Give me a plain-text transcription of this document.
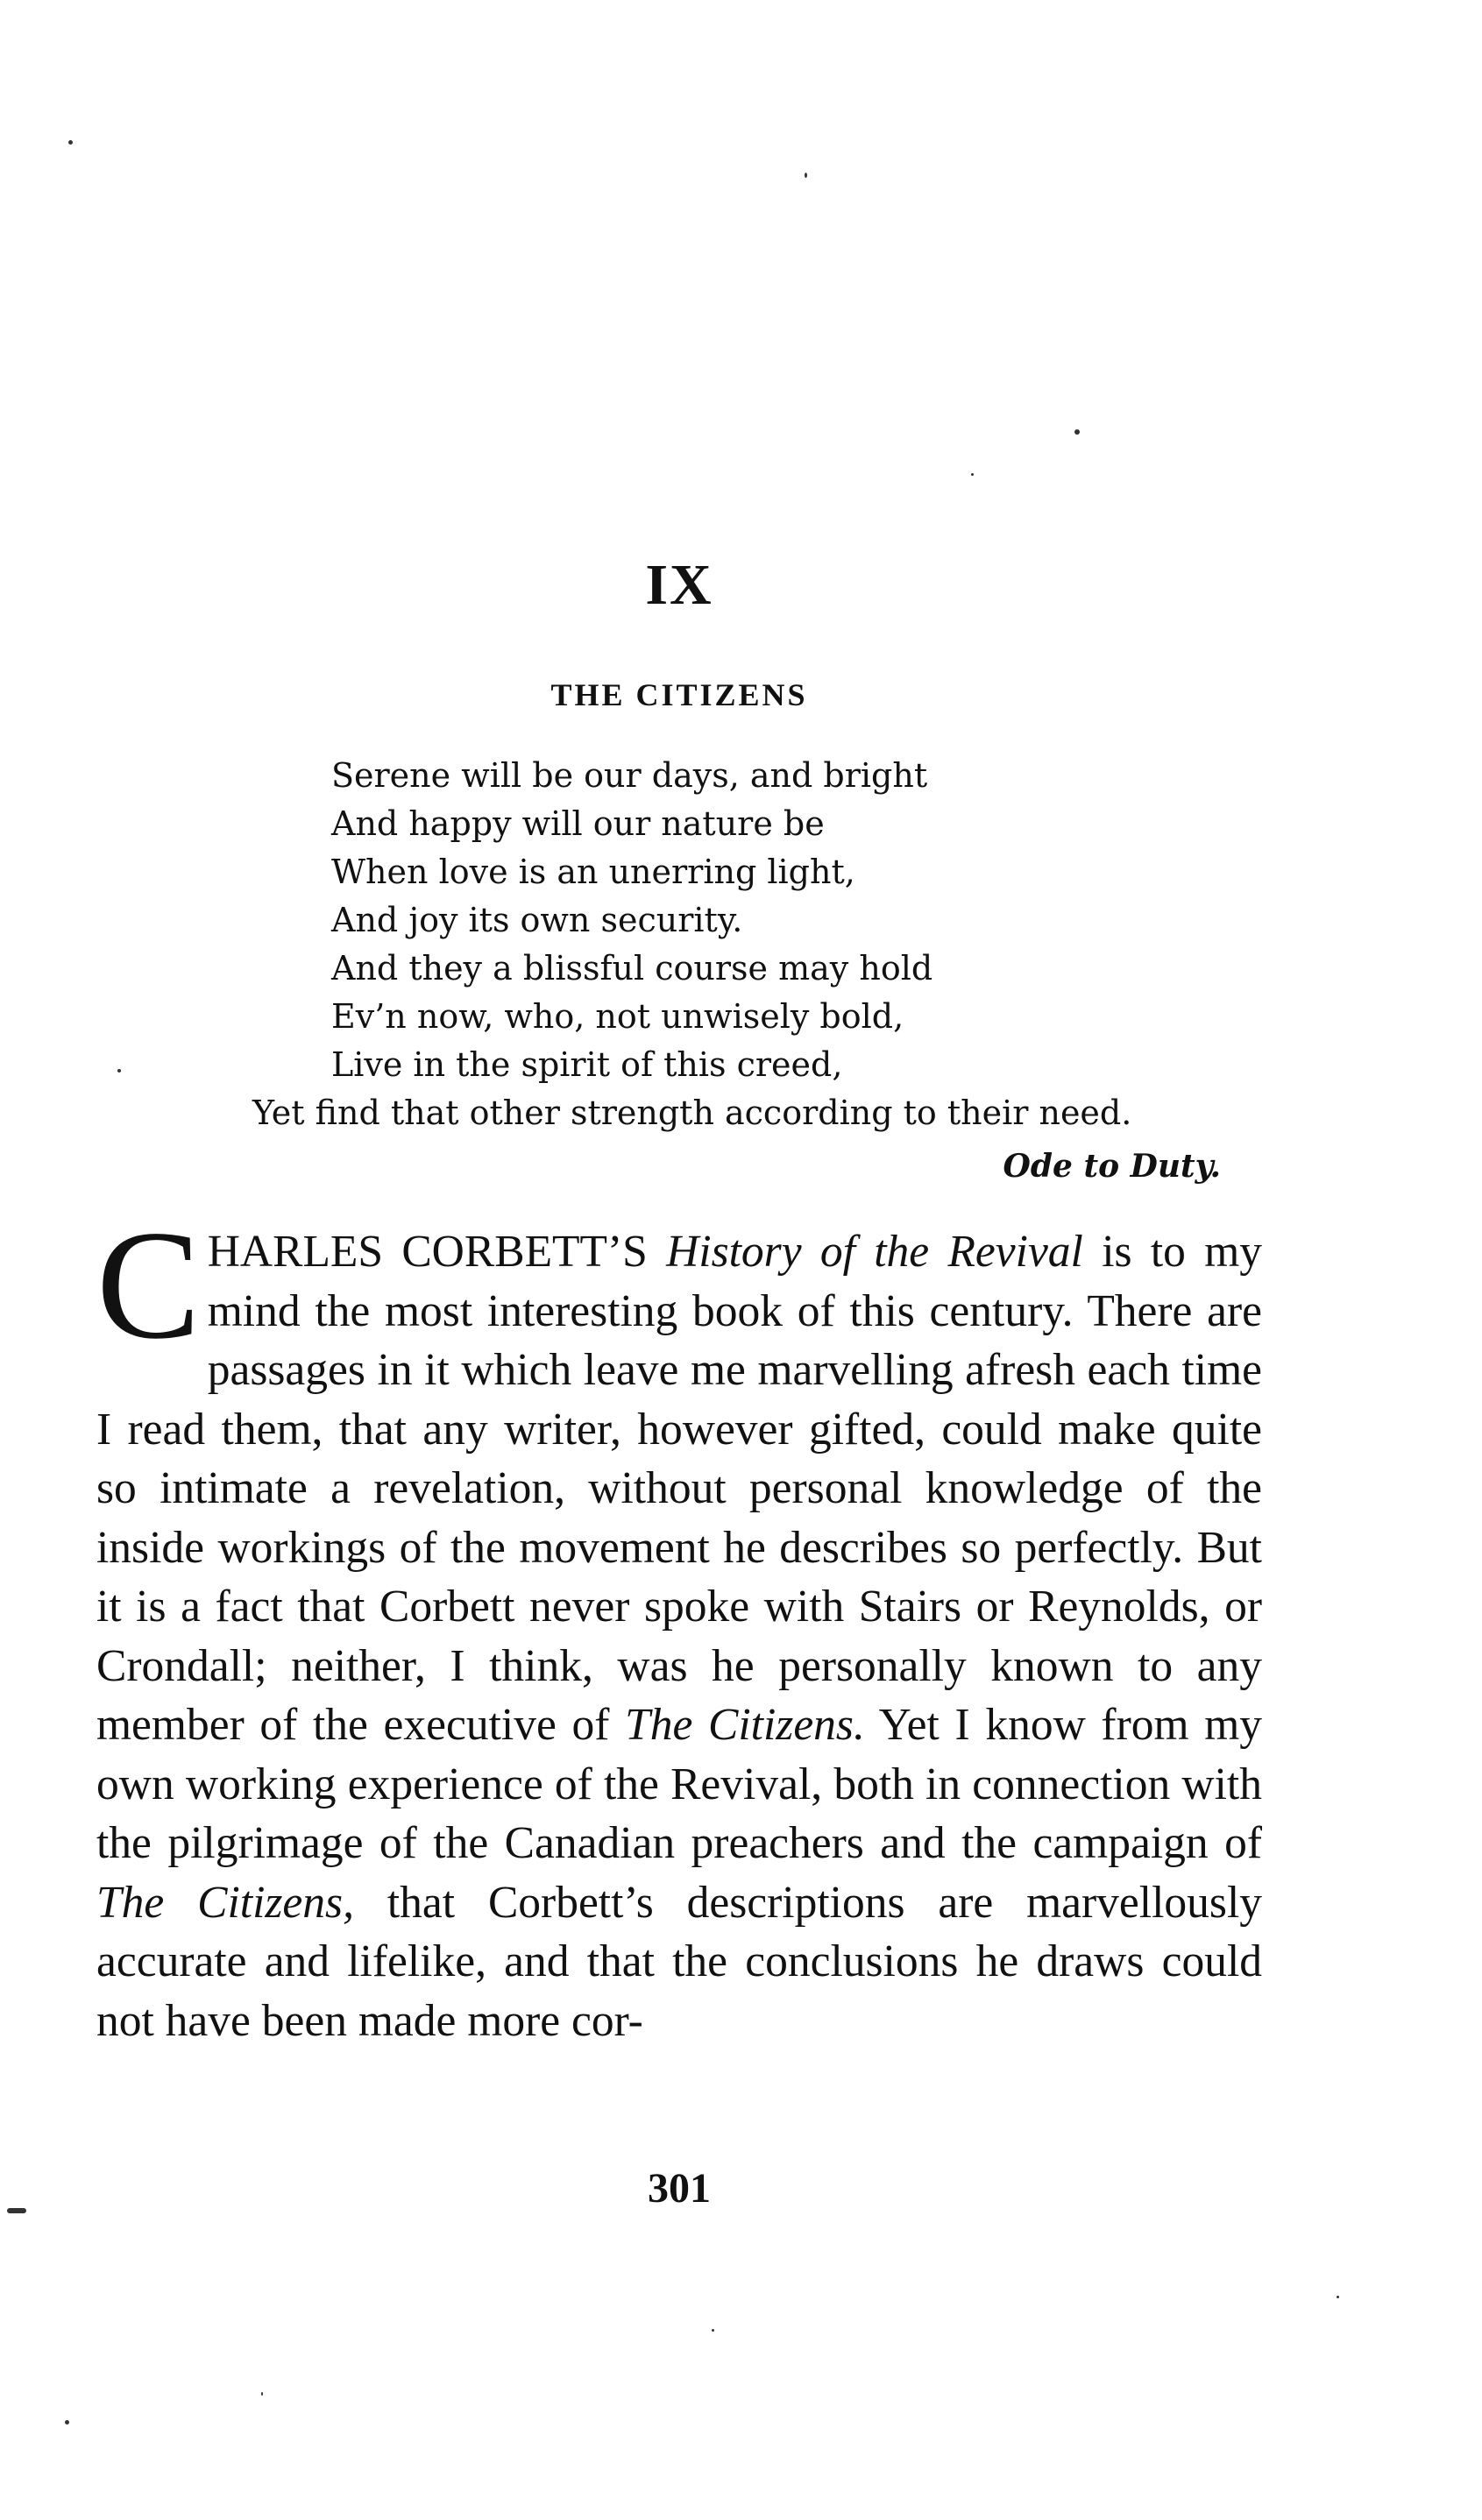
IX
THE CITIZENS
Serene will be our days, and bright
And happy will our nature be
When love is an unerring light,
And joy its own security.
And they a blissful course may hold
Ev’n now, who, not unwisely bold,
Live in the spirit of this creed,
Yet find that other strength according to their need.
Ode to Duty.

CHARLES CORBETT’S History of the Revival is to my mind the most interesting book of this century. There are passages in it which leave me marvelling afresh each time I read them, that any writer, however gifted, could make quite so intimate a revelation, without personal knowledge of the inside workings of the movement he describes so perfectly. But it is a fact that Corbett never spoke with Stairs or Reynolds, or Crondall; neither, I think, was he personally known to any member of the executive of The Citizens. Yet I know from my own working experience of the Revival, both in connection with the pilgrimage of the Canadian preachers and the campaign of The Citizens, that Corbett’s descriptions are marvellously accurate and lifelike, and that the conclusions he draws could not have been made more cor-

301
